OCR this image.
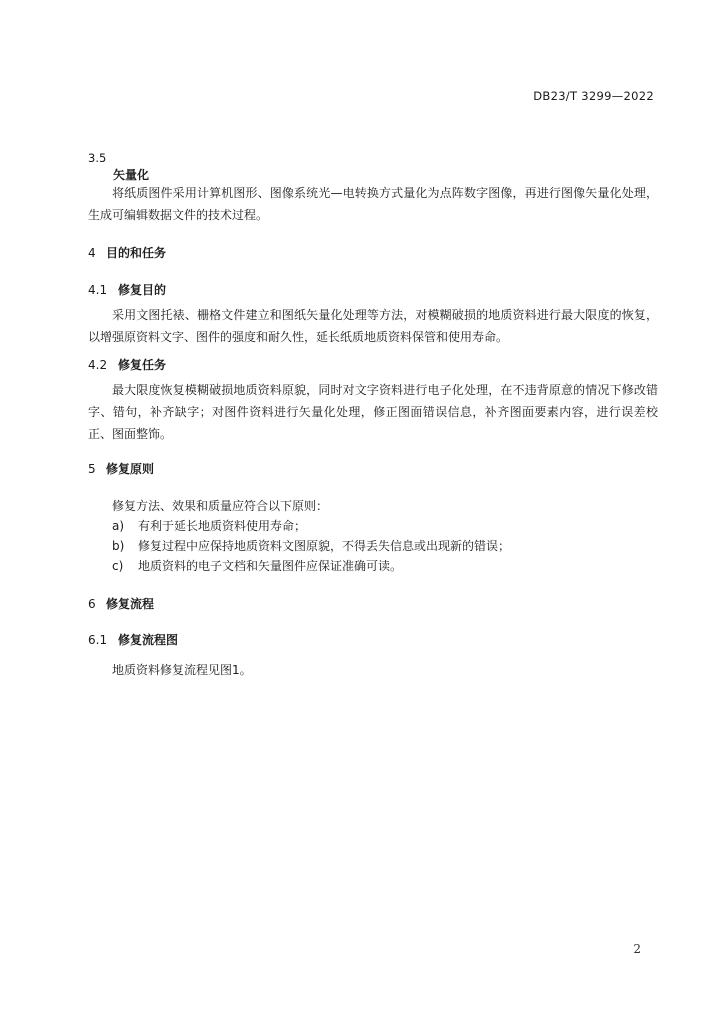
DB23/T 3299—2022
3.5
矢量化
将纸质图件采用计算机图形、图像系统光—电转换方式量化为点阵数字图像，再进行图像矢量化处理，生成可编辑数据文件的技术过程。
4 目的和任务
4.1 修复目的
采用文图托裱、栅格文件建立和图纸矢量化处理等方法，对模糊破损的地质资料进行最大限度的恢复，以增强原资料文字、图件的强度和耐久性，延长纸质地质资料保管和使用寿命。
4.2 修复任务
最大限度恢复模糊破损地质资料原貌，同时对文字资料进行电子化处理，在不违背原意的情况下修改错字、错句，补齐缺字；对图件资料进行矢量化处理，修正图面错误信息，补齐图面要素内容，进行误差校正、图面整饰。
5 修复原则
修复方法、效果和质量应符合以下原则：
a) 有利于延长地质资料使用寿命；
b) 修复过程中应保持地质资料文图原貌，不得丢失信息或出现新的错误；
c) 地质资料的电子文档和矢量图件应保证准确可读。
6 修复流程
6.1 修复流程图
地质资料修复流程见图1。
2
